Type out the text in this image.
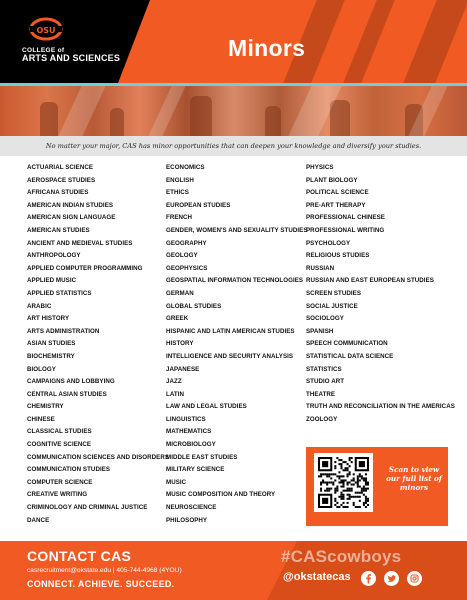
OSU
COLLEGE of
ARTS AND SCIENCES	Minors
No matter your major, CAS has minor opportunities that can deepen your knowledge and diversify your studies.
ACTUARIAL SCIENCE
AEROSPACE STUDIES
AFRICANA STUDIES
AMERICAN INDIAN STUDIES
AMERICAN SIGN LANGUAGE
AMERICAN STUDIES
ANCIENT AND MEDIEVAL STUDIES
ANTHROPOLOGY
APPLIED COMPUTER PROGRAMMING
APPLIED MUSIC
APPLIED STATISTICS
ARABIC
ART HISTORY
ARTS ADMINISTRATION
ASIAN STUDIES
BIOCHEMISTRY
BIOLOGY
CAMPAIGNS AND LOBBYING
CENTRAL ASIAN STUDIES
CHEMISTRY
CHINESE
CLASSICAL STUDIES
COGNITIVE SCIENCE
COMMUNICATION SCIENCES AND DISORDERS
COMMUNICATION STUDIES
COMPUTER SCIENCE
CREATIVE WRITING
CRIMINOLOGY AND CRIMINAL JUSTICE
DANCE
ECONOMICS
ENGLISH
ETHICS
EUROPEAN STUDIES
FRENCH
GENDER, WOMEN'S AND SEXUALITY STUDIES
GEOGRAPHY
GEOLOGY
GEOPHYSICS
GEOSPATIAL INFORMATION TECHNOLOGIES
GERMAN
GLOBAL STUDIES
GREEK
HISPANIC AND LATIN AMERICAN STUDIES
HISTORY
INTELLIGENCE AND SECURITY ANALYSIS
JAPANESE
JAZZ
LATIN
LAW AND LEGAL STUDIES
LINGUISTICS
MATHEMATICS
MICROBIOLOGY
MIDDLE EAST STUDIES
MILITARY SCIENCE
MUSIC
MUSIC COMPOSITION AND THEORY
NEUROSCIENCE
PHILOSOPHY
PHYSICS
PLANT BIOLOGY
POLITICAL SCIENCE
PRE-ART THERAPY
PROFESSIONAL CHINESE
PROFESSIONAL WRITING
PSYCHOLOGY
RELIGIOUS STUDIES
RUSSIAN
RUSSIAN AND EAST EUROPEAN STUDIES
SCREEN STUDIES
SOCIAL JUSTICE
SOCIOLOGY
SPANISH
SPEECH COMMUNICATION
STATISTICAL DATA SCIENCE
STATISTICS
STUDIO ART
THEATRE
TRUTH AND RECONCILIATION IN THE AMERICAS
ZOOLOGY
Scan to view our full list of minors
CONTACT CAS
casrecruitment@okstate.edu | 405-744-4968 (4YOU)
CONNECT. ACHIEVE. SUCCEED.
#CAScowboys
@okstatecas
